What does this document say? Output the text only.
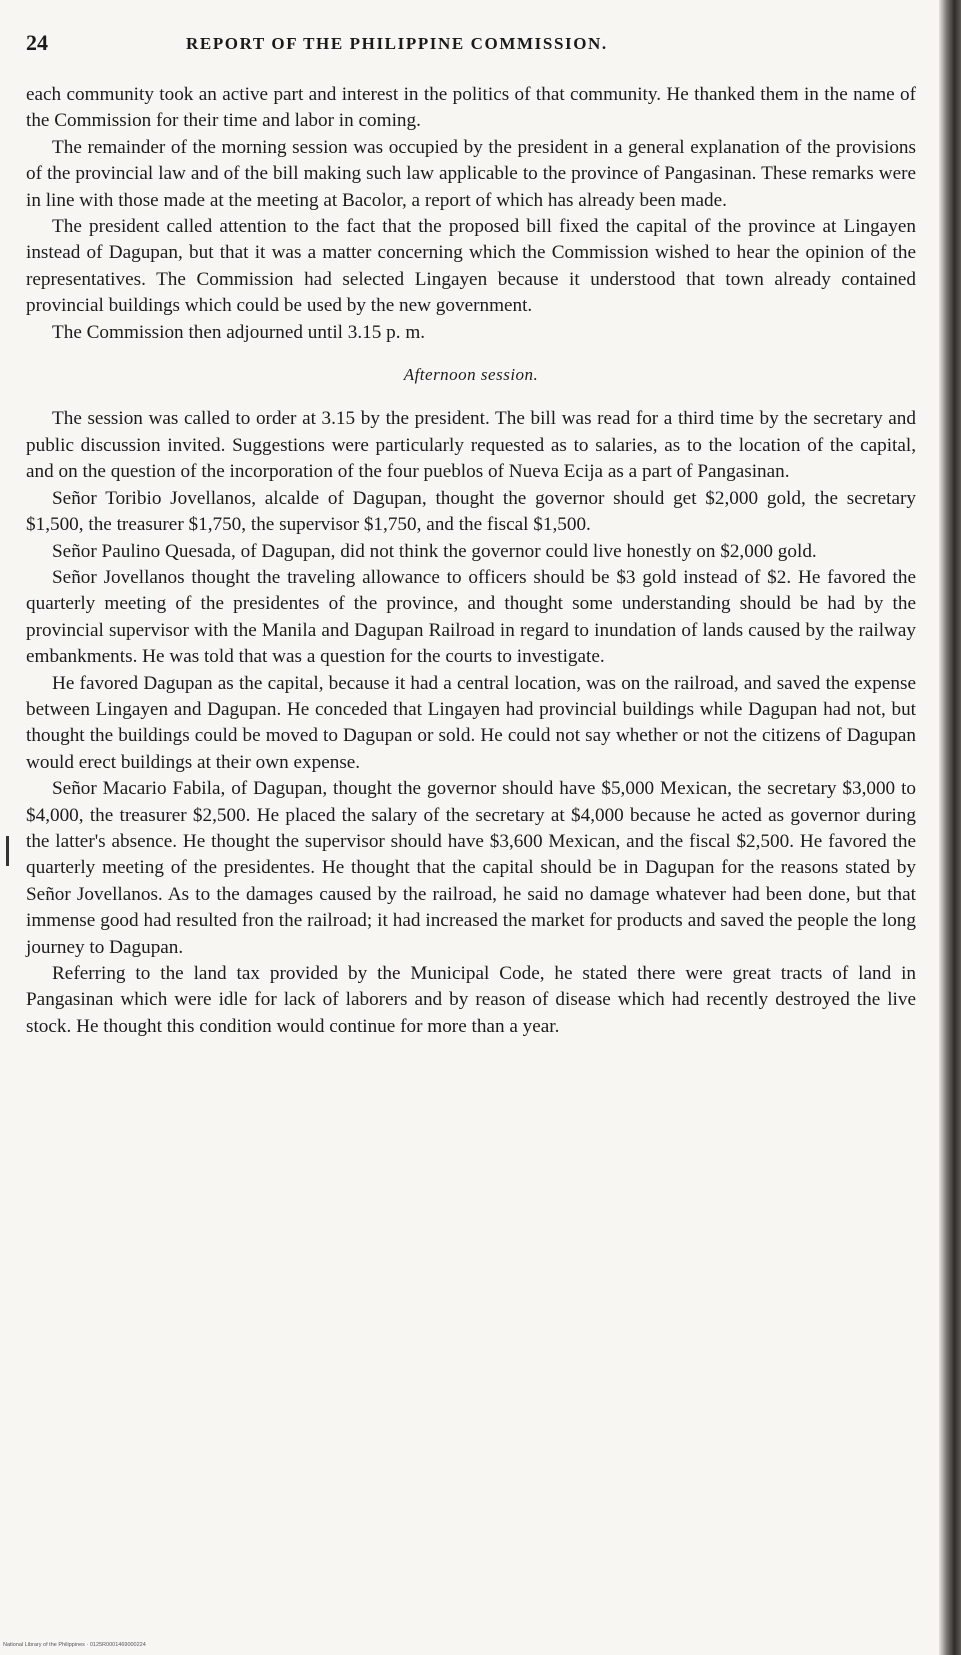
24	REPORT OF THE PHILIPPINE COMMISSION.

each community took an active part and interest in the politics of that community. He thanked them in the name of the Commission for their time and labor in coming.

The remainder of the morning session was occupied by the president in a general explanation of the provisions of the provincial law and of the bill making such law applicable to the province of Pangasinan. These remarks were in line with those made at the meeting at Bacolor, a report of which has already been made.

The president called attention to the fact that the proposed bill fixed the capital of the province at Lingayen instead of Dagupan, but that it was a matter concerning which the Commission wished to hear the opinion of the representatives. The Commission had selected Lingayen because it understood that town already contained provincial buildings which could be used by the new government.

The Commission then adjourned until 3.15 p. m.

Afternoon session.

The session was called to order at 3.15 by the president. The bill was read for a third time by the secretary and public discussion invited. Suggestions were particularly requested as to salaries, as to the location of the capital, and on the question of the incorporation of the four pueblos of Nueva Ecija as a part of Pangasinan.

Señor Toribio Jovellanos, alcalde of Dagupan, thought the governor should get $2,000 gold, the secretary $1,500, the treasurer $1,750, the supervisor $1,750, and the fiscal $1,500.

Señor Paulino Quesada, of Dagupan, did not think the governor could live honestly on $2,000 gold.

Señor Jovellanos thought the traveling allowance to officers should be $3 gold instead of $2. He favored the quarterly meeting of the presidentes of the province, and thought some understanding should be had by the provincial supervisor with the Manila and Dagupan Railroad in regard to inundation of lands caused by the railway embankments. He was told that was a question for the courts to investigate.

He favored Dagupan as the capital, because it had a central location, was on the railroad, and saved the expense between Lingayen and Dagupan. He conceded that Lingayen had provincial buildings while Dagupan had not, but thought the buildings could be moved to Dagupan or sold. He could not say whether or not the citizens of Dagupan would erect buildings at their own expense.

Señor Macario Fabila, of Dagupan, thought the governor should have $5,000 Mexican, the secretary $3,000 to $4,000, the treasurer $2,500. He placed the salary of the secretary at $4,000 because he acted as governor during the latter's absence. He thought the supervisor should have $3,600 Mexican, and the fiscal $2,500. He favored the quarterly meeting of the presidentes. He thought that the capital should be in Dagupan for the reasons stated by Señor Jovellanos. As to the damages caused by the railroad, he said no damage whatever had been done, but that immense good had resulted fron the railroad; it had increased the market for products and saved the people the long journey to Dagupan.

Referring to the land tax provided by the Municipal Code, he stated there were great tracts of land in Pangasinan which were idle for lack of laborers and by reason of disease which had recently destroyed the live stock. He thought this condition would continue for more than a year.

National Library of the Philippines · 0125R0001469000224
